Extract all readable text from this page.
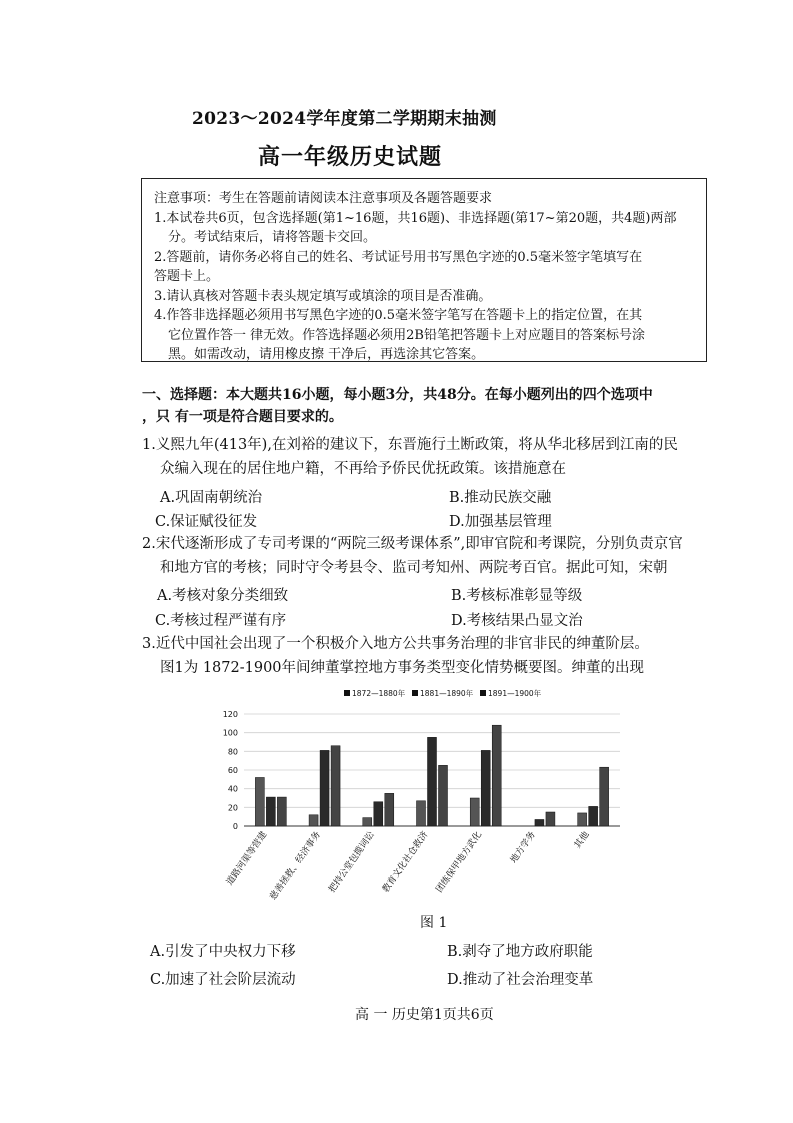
2023～2024学年度第二学期期末抽测
高一年级历史试题

注意事项：考生在答题前请阅读本注意事项及各题答题要求

1.本试卷共6页，包含选择题(第1~16题，共16题)、非选择题(第17~第20题，共4题)两部

分。考试结束后，请将答题卡交回。

2.答题前，请你务必将自己的姓名、考试证号用书写黑色字迹的0.5毫米签字笔填写在

答题卡上。

3.请认真核对答题卡表头规定填写或填涂的项目是否准确。

4.作答非选择题必须用书写黑色字迹的0.5毫米签字笔写在答题卡上的指定位置，在其

它位置作答一 律无效。作答选择题必须用2B铅笔把答题卡上对应题目的答案标号涂

黑。如需改动，请用橡皮擦 干净后，再选涂其它答案。

一、选择题：本大题共16小题，每小题3分，共48分。在每小题列出的四个选项中
，只 有一项是符合题目要求的。
1.义熙九年(413年),在刘裕的建议下，东晋施行土断政策，将从华北移居到江南的民
众编入现在的居住地户籍，不再给予侨民优抚政策。该措施意在
A.巩固南朝统治	B.推动民族交融
C.保证赋役征发	D.加强基层管理
2.宋代逐渐形成了专司考课的“两院三级考课体系”,即审官院和考课院，分别负责京官
和地方官的考核；同时守令考县令、监司考知州、两院考百官。据此可知，宋朝
A.考核对象分类细致	B.考核标准彰显等级
C.考核过程严谨有序	D.考核结果凸显文治
3.近代中国社会出现了一个积极介入地方公共事务治理的非官非民的绅董阶层。
图1为 1872-1900年间绅董掌控地方事务类型变化情势概要图。绅董的出现
1872—1880年 1881—1890年 1891—1900年
0
20
40
60
80
100
120
道路河渠等营建 慈善拯救、经济事务 把持公堂包揽词讼 教育文化社仓救济 团练保甲地方武化	地方学务	其他
图 1
A.引发了中央权力下移	B.剥夺了地方政府职能
C.加速了社会阶层流动	D.推动了社会治理变革
高 一 历史第1页共6页
